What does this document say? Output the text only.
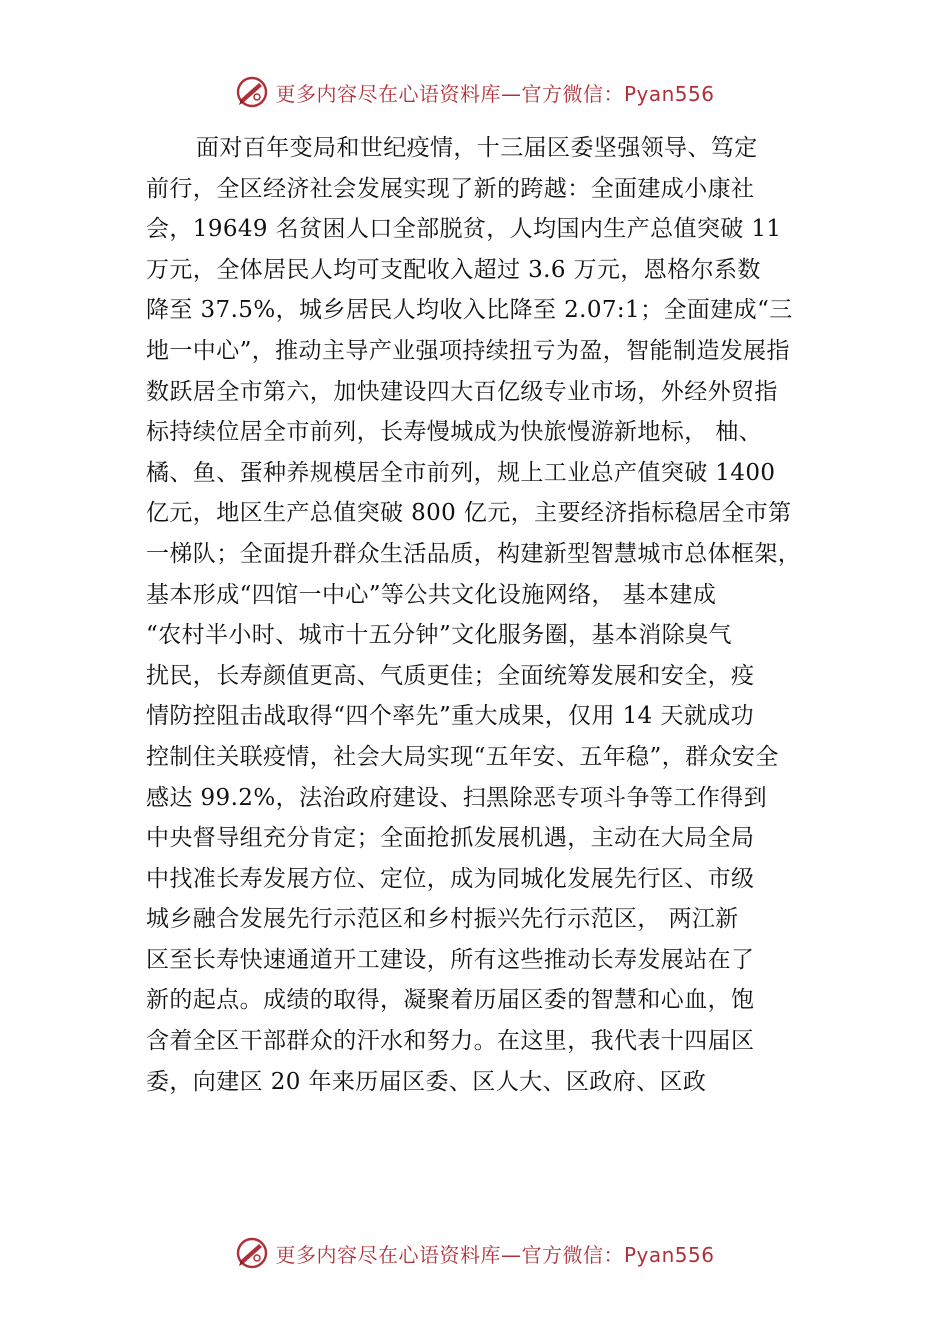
更多内容尽在心语资料库—官方微信：Pyan556
面对百年变局和世纪疫情，十三届区委坚强领导、笃定
前行，全区经济社会发展实现了新的跨越：全面建成小康社
会，19649 名贫困人口全部脱贫，人均国内生产总值突破 11
万元，全体居民人均可支配收入超过 3.6 万元，恩格尔系数
降至 37.5%，城乡居民人均收入比降至 2.07:1；全面建成“三
地一中心”，推动主导产业强项持续扭亏为盈，智能制造发展指
数跃居全市第六，加快建设四大百亿级专业市场，外经外贸指
标持续位居全市前列，长寿慢城成为快旅慢游新地标， 柚、
橘、鱼、蛋种养规模居全市前列，规上工业总产值突破 1400
亿元，地区生产总值突破 800 亿元，主要经济指标稳居全市第
一梯队；全面提升群众生活品质，构建新型智慧城市总体框架，
基本形成“四馆一中心”等公共文化设施网络， 基本建成
“农村半小时、城市十五分钟”文化服务圈，基本消除臭气
扰民，长寿颜值更高、气质更佳；全面统筹发展和安全，疫
情防控阻击战取得“四个率先”重大成果，仅用 14 天就成功
控制住关联疫情，社会大局实现“五年安、五年稳”，群众安全
感达 99.2%，法治政府建设、扫黑除恶专项斗争等工作得到
中央督导组充分肯定；全面抢抓发展机遇，主动在大局全局
中找准长寿发展方位、定位，成为同城化发展先行区、市级
城乡融合发展先行示范区和乡村振兴先行示范区， 两江新
区至长寿快速通道开工建设，所有这些推动长寿发展站在了
新的起点。成绩的取得，凝聚着历届区委的智慧和心血，饱
含着全区干部群众的汗水和努力。在这里，我代表十四届区
委，向建区 20 年来历届区委、区人大、区政府、区政
更多内容尽在心语资料库—官方微信：Pyan556
